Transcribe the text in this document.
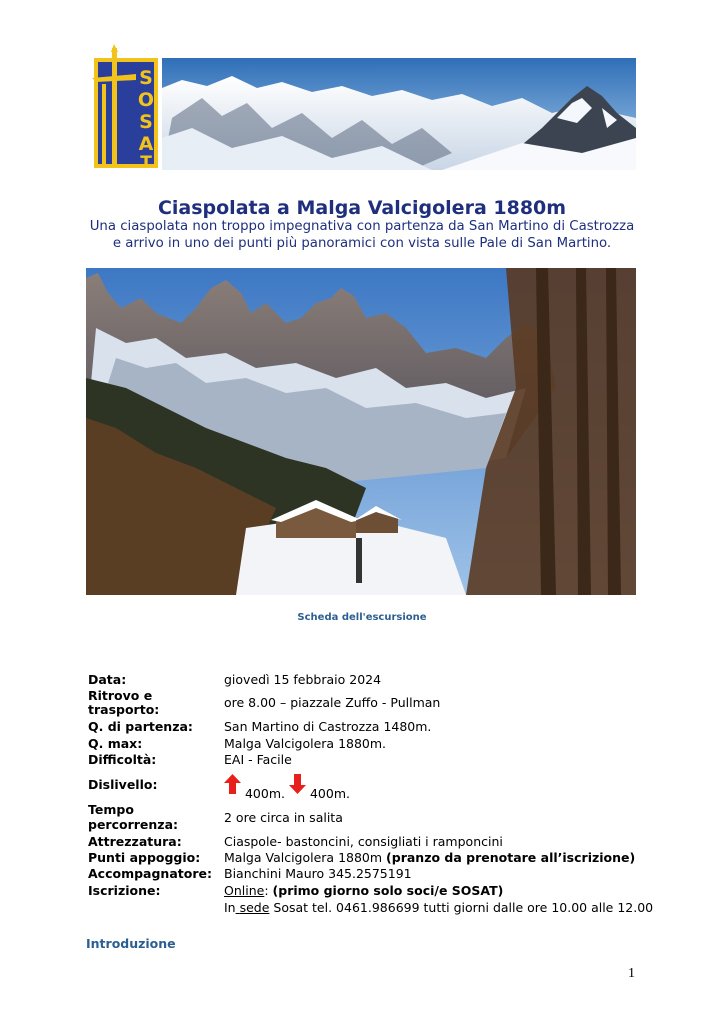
S
O
S
A
T
Ciaspolata a Malga Valcigolera 1880m
Una ciaspolata non troppo impegnativa con partenza da San Martino di Castrozza
e arrivo in uno dei punti più panoramici con vista sulle Pale di San Martino.
Scheda dell'escursione
Data:	giovedì 15 febbraio 2024
Ritrovo e
trasporto:	ore 8.00 – piazzale Zuffo - Pullman
Q. di partenza: San Martino di Castrozza 1480m.
Q. max:	Malga Valcigolera 1880m.
Difficoltà:	EAI - Facile
Dislivello:
400m. 400m.
Tempo
percorrenza:	2 ore circa in salita
Attrezzatura:	Ciaspole- bastoncini, consigliati i ramponcini
Punti appoggio: Malga Valcigolera 1880m (pranzo da prenotare all’iscrizione)
Accompagnatore: Bianchini Mauro 345.2575191
Iscrizione:	Online: (primo giorno solo soci/e SOSAT)
In sede Sosat tel. 0461.986699 tutti giorni dalle ore 10.00 alle 12.00
Introduzione
1
